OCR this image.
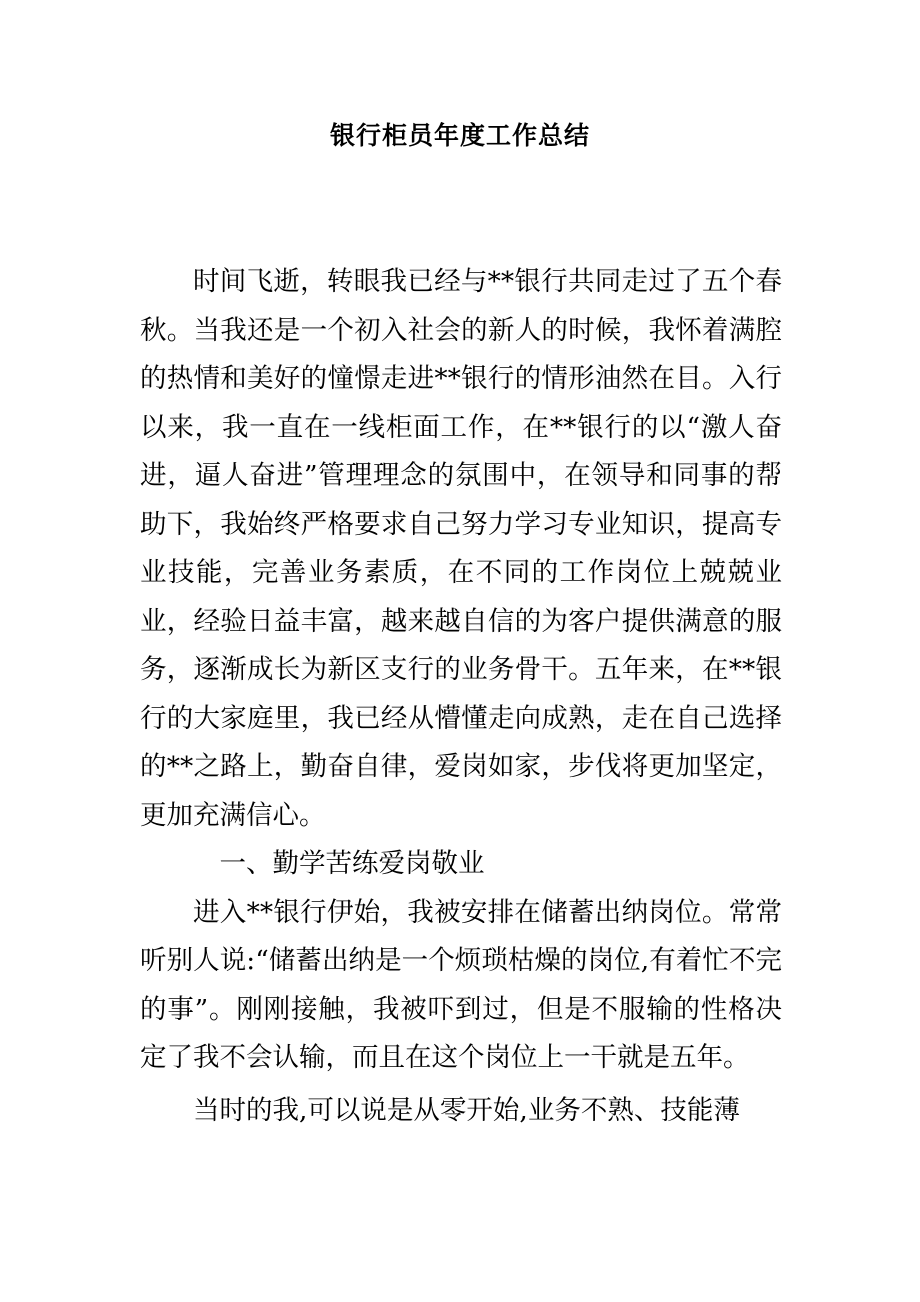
银行柜员年度工作总结

时间飞逝，转眼我已经与**银行共同走过了五个春秋。当我还是一个初入社会的新人的时候，我怀着满腔的热情和美好的憧憬走进**银行的情形油然在目。入行以来，我一直在一线柜面工作，在**银行的以“激人奋进，逼人奋进”管理理念的氛围中，在领导和同事的帮助下，我始终严格要求自己努力学习专业知识，提高专业技能，完善业务素质，在不同的工作岗位上兢兢业业，经验日益丰富，越来越自信的为客户提供满意的服务，逐渐成长为新区支行的业务骨干。五年来，在**银行的大家庭里，我已经从懵懂走向成熟，走在自己选择的**之路上，勤奋自律，爱岗如家，步伐将更加坚定，更加充满信心。

一、勤学苦练爱岗敬业

进入**银行伊始，我被安排在储蓄出纳岗位。常常听别人说:“储蓄出纳是一个烦琐枯燥的岗位,有着忙不完的事”。刚刚接触，我被吓到过，但是不服输的性格决定了我不会认输，而且在这个岗位上一干就是五年。

当时的我,可以说是从零开始,业务不熟、技能薄
